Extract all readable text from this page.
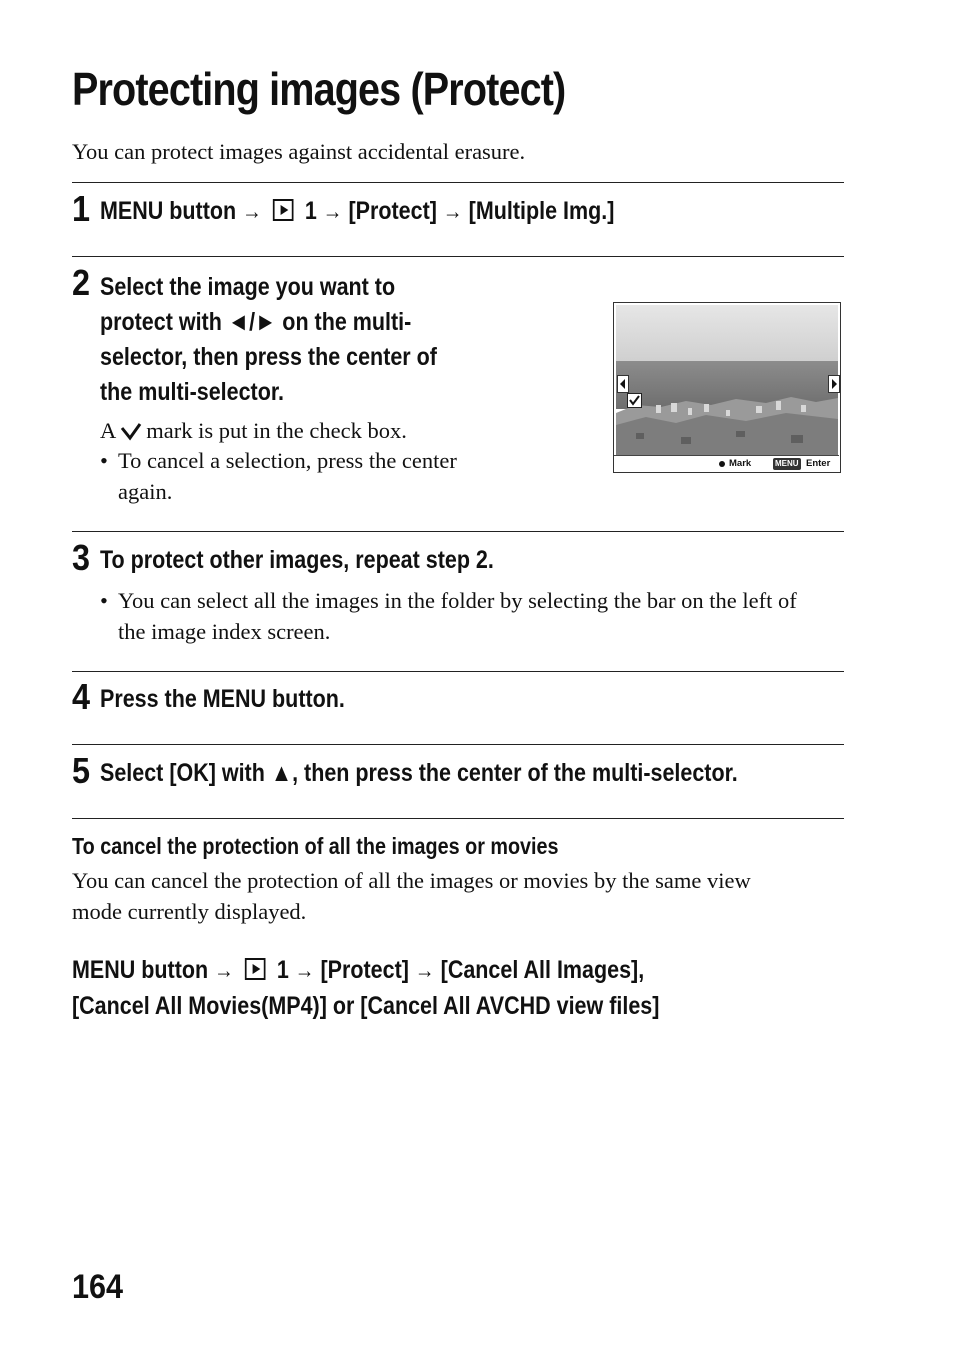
Protecting images (Protect)
You can protect images against accidental erasure.
1 MENU button → 1 → [Protect] → [Multiple Img.]
2 Select the image you want to
protect with ◄/► on the multi-
selector, then press the center of
the multi-selector.
A mark is put in the check box.
• To cancel a selection, press the center
again.
Mark	MENU Enter
3 To protect other images, repeat step 2.
• You can select all the images in the folder by selecting the bar on the left of
the image index screen.
4 Press the MENU button.
5 Select [OK] with ▲, then press the center of the multi-selector.
To cancel the protection of all the images or movies
You can cancel the protection of all the images or movies by the same view
mode currently displayed.
MENU button → 1 → [Protect] → [Cancel All Images],
[Cancel All Movies(MP4)] or [Cancel All AVCHD view files]
164
